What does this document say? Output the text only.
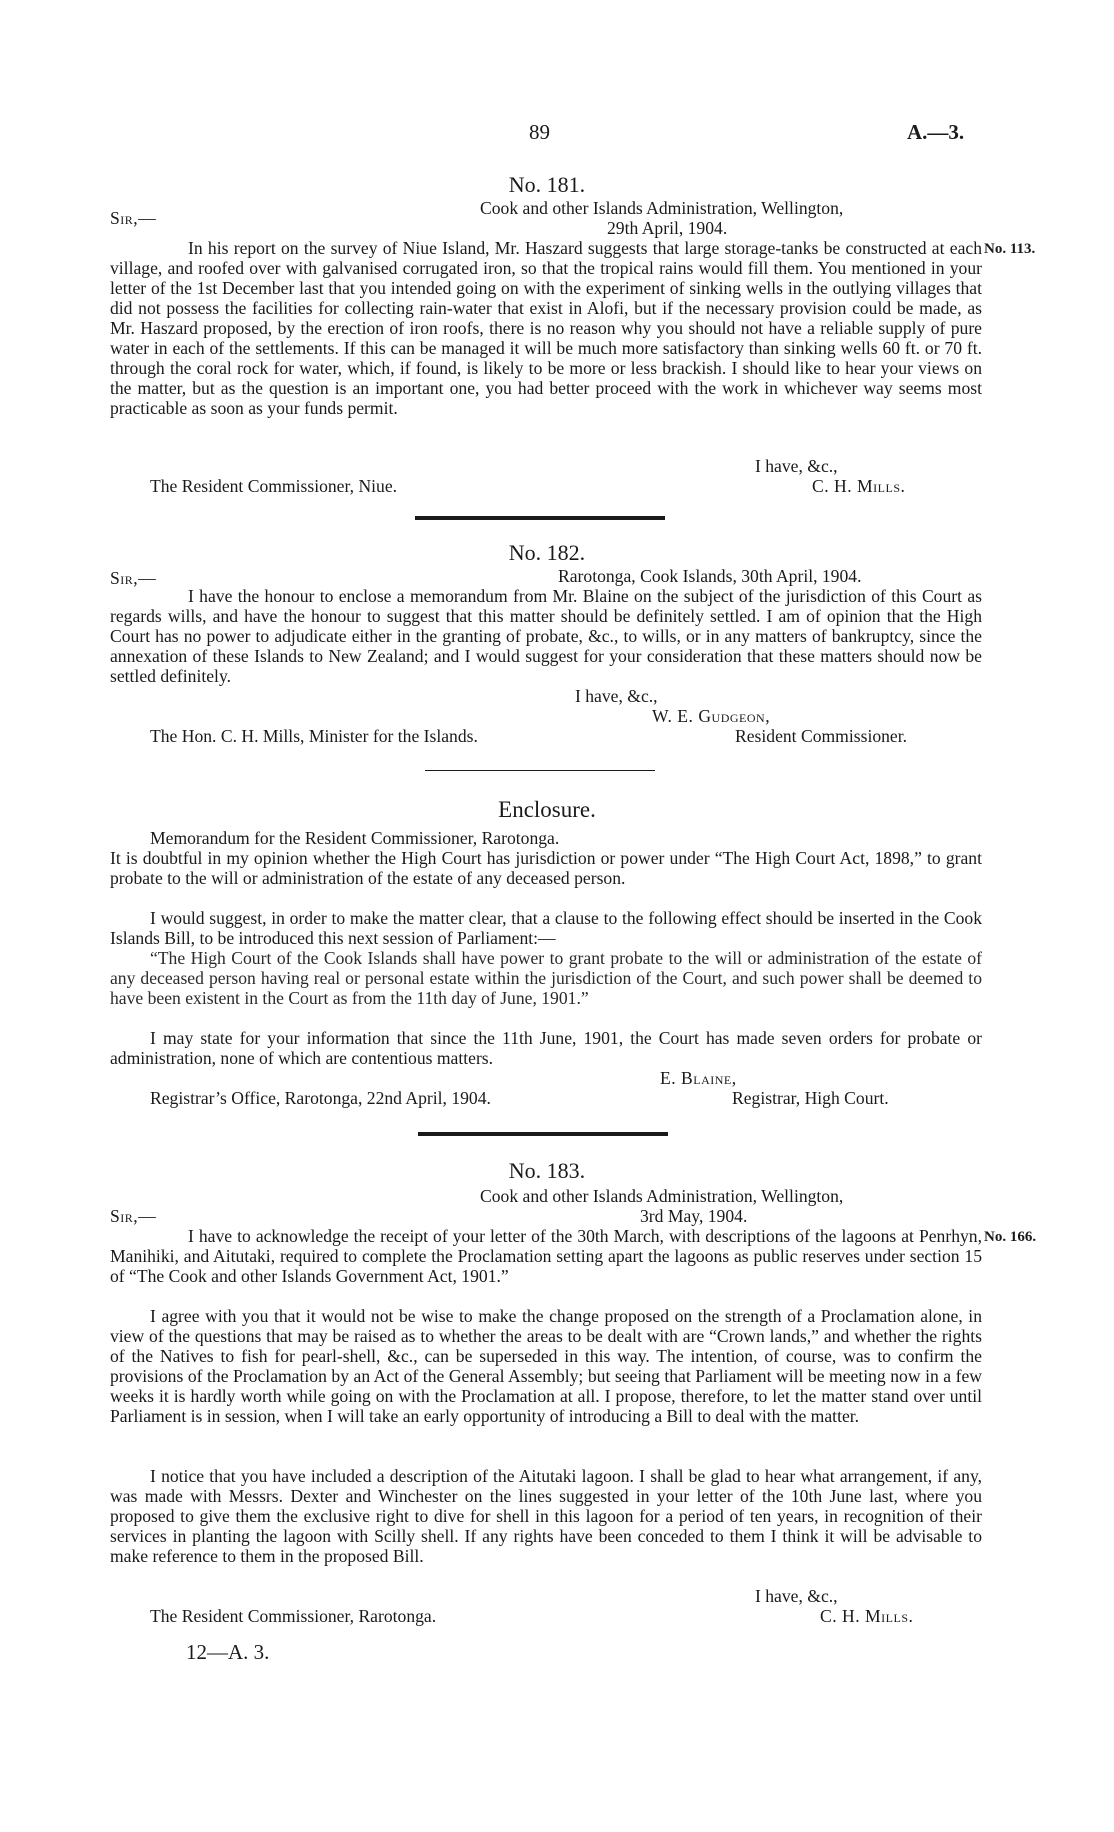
89	A.—3.
No. 181.
Cook and other Islands Administration, Wellington,
Sir,—	29th April, 1904.
No. 113.
In his report on the survey of Niue Island, Mr. Haszard suggests that large storage-tanks be constructed at each village, and roofed over with galvanised corrugated iron, so that the tropical rains would fill them. You mentioned in your letter of the 1st December last that you intended going on with the experiment of sinking wells in the outlying villages that did not possess the facilities for collecting rain-water that exist in Alofi, but if the necessary provision could be made, as Mr. Haszard proposed, by the erection of iron roofs, there is no reason why you should not have a reliable supply of pure water in each of the settlements. If this can be managed it will be much more satisfactory than sinking wells 60 ft. or 70 ft. through the coral rock for water, which, if found, is likely to be more or less brackish. I should like to hear your views on the matter, but as the question is an important one, you had better proceed with the work in whichever way seems most practicable as soon as your funds permit.
I have, &c.,
The Resident Commissioner, Niue.	C. H. Mills.
No. 182.
Sir,—	Rarotonga, Cook Islands, 30th April, 1904.
I have the honour to enclose a memorandum from Mr. Blaine on the subject of the jurisdiction of this Court as regards wills, and have the honour to suggest that this matter should be definitely settled. I am of opinion that the High Court has no power to adjudicate either in the granting of probate, &c., to wills, or in any matters of bankruptcy, since the annexation of these Islands to New Zealand; and I would suggest for your consideration that these matters should now be settled definitely.
I have, &c.,
W. E. Gudgeon,
The Hon. C. H. Mills, Minister for the Islands.	Resident Commissioner.
Enclosure.
Memorandum for the Resident Commissioner, Rarotonga.
It is doubtful in my opinion whether the High Court has jurisdiction or power under “The High Court Act, 1898,” to grant probate to the will or administration of the estate of any deceased person.
I would suggest, in order to make the matter clear, that a clause to the following effect should be inserted in the Cook Islands Bill, to be introduced this next session of Parliament:—
“The High Court of the Cook Islands shall have power to grant probate to the will or administration of the estate of any deceased person having real or personal estate within the jurisdiction of the Court, and such power shall be deemed to have been existent in the Court as from the 11th day of June, 1901.”
I may state for your information that since the 11th June, 1901, the Court has made seven orders for probate or administration, none of which are contentious matters.
E. Blaine,
Registrar’s Office, Rarotonga, 22nd April, 1904.	Registrar, High Court.
No. 183.
Cook and other Islands Administration, Wellington,
Sir,—	3rd May, 1904.
No. 166.
I have to acknowledge the receipt of your letter of the 30th March, with descriptions of the lagoons at Penrhyn, Manihiki, and Aitutaki, required to complete the Proclamation setting apart the lagoons as public reserves under section 15 of “The Cook and other Islands Government Act, 1901.”
I agree with you that it would not be wise to make the change proposed on the strength of a Proclamation alone, in view of the questions that may be raised as to whether the areas to be dealt with are “Crown lands,” and whether the rights of the Natives to fish for pearl-shell, &c., can be superseded in this way. The intention, of course, was to confirm the provisions of the Proclamation by an Act of the General Assembly; but seeing that Parliament will be meeting now in a few weeks it is hardly worth while going on with the Proclamation at all. I propose, therefore, to let the matter stand over until Parliament is in session, when I will take an early opportunity of introducing a Bill to deal with the matter.
I notice that you have included a description of the Aitutaki lagoon. I shall be glad to hear what arrangement, if any, was made with Messrs. Dexter and Winchester on the lines suggested in your letter of the 10th June last, where you proposed to give them the exclusive right to dive for shell in this lagoon for a period of ten years, in recognition of their services in planting the lagoon with Scilly shell. If any rights have been conceded to them I think it will be advisable to make reference to them in the proposed Bill.
I have, &c.,
The Resident Commissioner, Rarotonga.	C. H. Mills.
12—A. 3.
